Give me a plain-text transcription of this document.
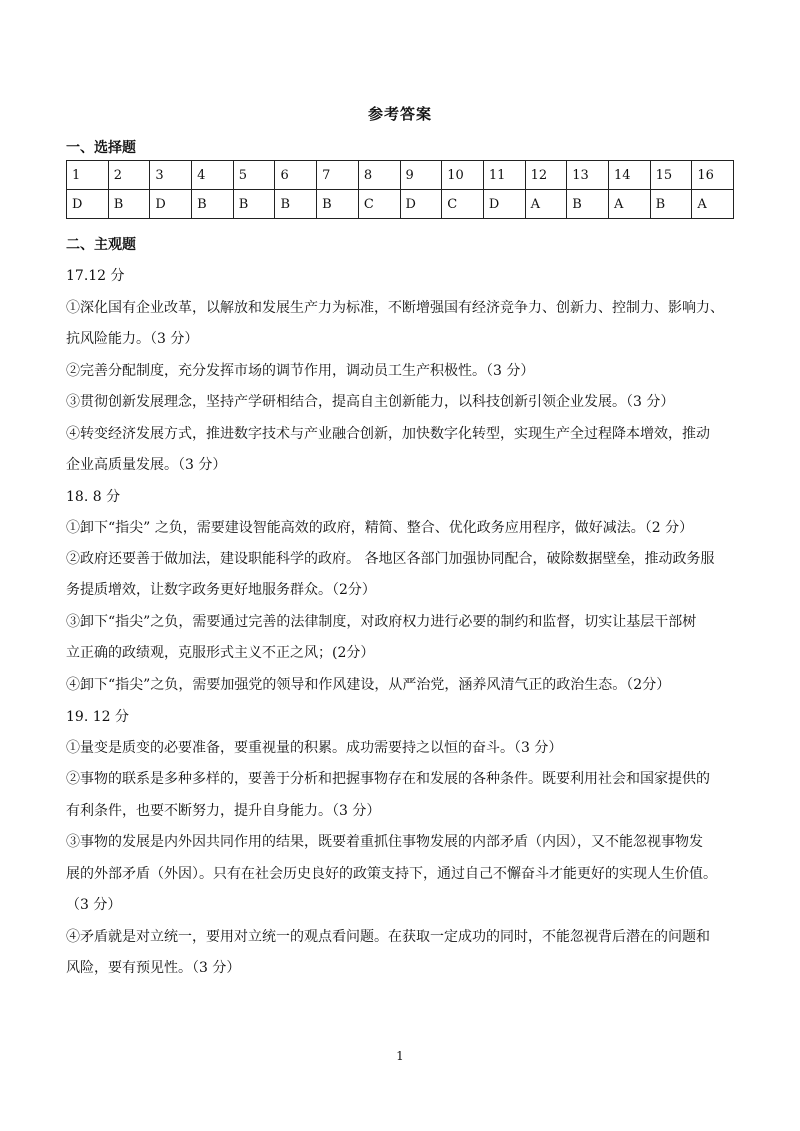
参考答案
一、选择题
1	2	3	4	5	6	7	8	9	10	11	12	13	14	15	16
D	B	D	B	B	B	B	C	D	C	D	A	B	A	B	A
二、主观题
17.12 分
①深化国有企业改革，以解放和发展生产力为标准，不断增强国有经济竞争力、创新力、控制力、影响力、
抗风险能力。（3 分）
②完善分配制度，充分发挥市场的调节作用，调动员工生产积极性。（3 分）
③贯彻创新发展理念，坚持产学研相结合，提高自主创新能力，以科技创新引领企业发展。（3 分）
④转变经济发展方式，推进数字技术与产业融合创新，加快数字化转型，实现生产全过程降本增效，推动
企业高质量发展。（3 分）
18. 8 分
①卸下“指尖” 之负，需要建设智能高效的政府，精简、整合、优化政务应用程序，做好减法。（2 分）
②政府还要善于做加法，建设职能科学的政府。 各地区各部门加强协同配合，破除数据壁垒，推动政务服
务提质增效，让数字政务更好地服务群众。（2分）
③卸下“指尖”之负，需要通过完善的法律制度，对政府权力进行必要的制约和监督，切实让基层干部树
立正确的政绩观，克服形式主义不正之风；(2分）
④卸下“指尖”之负，需要加强党的领导和作风建设，从严治党，涵养风清气正的政治生态。（2分）
19. 12 分
①量变是质变的必要准备，要重视量的积累。成功需要持之以恒的奋斗。（3 分）
②事物的联系是多种多样的，要善于分析和把握事物存在和发展的各种条件。既要利用社会和国家提供的
有利条件，也要不断努力，提升自身能力。（3 分）
③事物的发展是内外因共同作用的结果，既要着重抓住事物发展的内部矛盾（内因），又不能忽视事物发
展的外部矛盾（外因）。只有在社会历史良好的政策支持下，通过自己不懈奋斗才能更好的实现人生价值。
（3 分）
④矛盾就是对立统一，要用对立统一的观点看问题。在获取一定成功的同时，不能忽视背后潜在的问题和
风险，要有预见性。（3 分）
1
